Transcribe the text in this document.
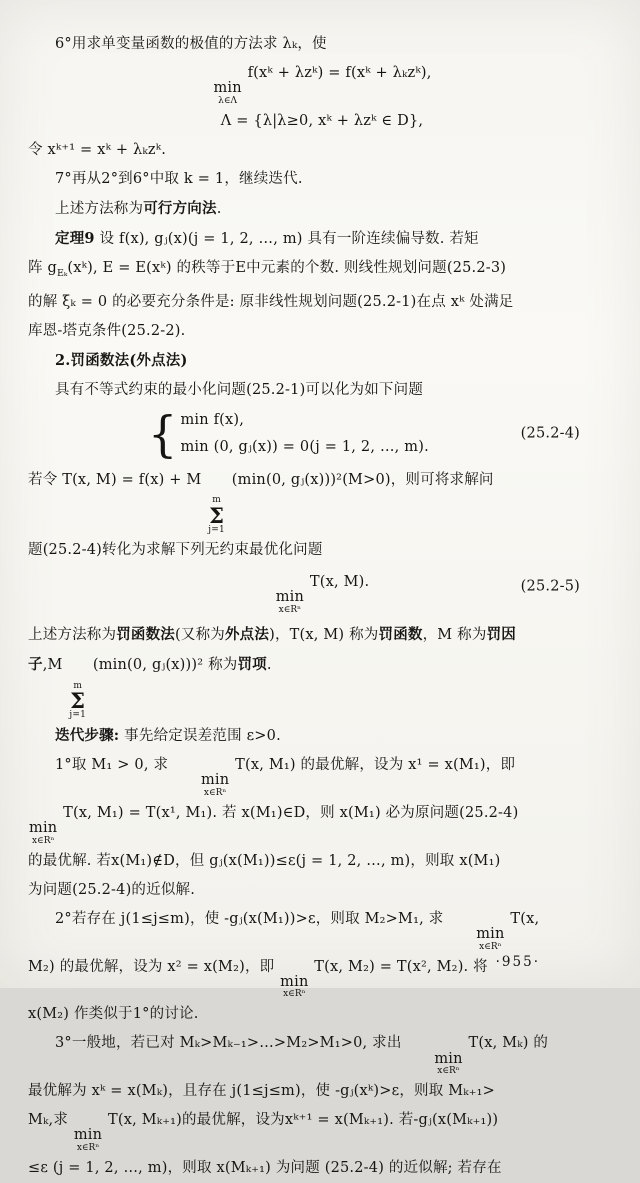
6°用求单变量函数的极值的方法求 λₖ，使
min
λ∈Λ
f(xᵏ + λzᵏ) = f(xᵏ + λₖzᵏ),
Λ = {λ|λ≥0, xᵏ + λzᵏ ∈ D},
令 xᵏ⁺¹ = xᵏ + λₖzᵏ.
7°再从2°到6°中取 k = 1，继续迭代.
上述方法称为可行方向法.
定理9 设 f(x), gⱼ(x)(j = 1, 2, …, m) 具有一阶连续偏导数. 若矩
阵 $g_{E_k}(xᵏ)$, E = E(xᵏ) 的秩等于E中元素的个数. 则线性规划问题(25.2-3)
的解 ξₖ = 0 的必要充分条件是: 原非线性规划问题(25.2-1)在点 xᵏ 处满足
库恩-塔克条件(25.2-2).
2.罚函数法(外点法)
具有不等式约束的最小化问题(25.2-1)可以化为如下问题
{ min f(x),
min (0, gⱼ(x)) = 0(j = 1, 2, …, m).
(25.2-4)
若令 T(x, M) = f(x) + M
m
Σ
j=1
(min(0, gⱼ(x)))²(M>0)，则可将求解问
题(25.2-4)转化为求解下列无约束最优化问题
min
x∈Rⁿ
T(x, M).	(25.2-5)
上述方法称为罚函数法(又称为外点法)，T(x, M) 称为罚函数，M 称为罚因
子,M
m
Σ
j=1
(min(0, gⱼ(x)))² 称为罚项.
迭代步骤: 事先给定误差范围 ε>0.
1°取 M₁ > 0, 求
min
x∈Rⁿ
T(x, M₁) 的最优解，设为 x¹ = x(M₁)，即
min
x∈Rⁿ
T(x, M₁) = T(x¹, M₁). 若 x(M₁)∈D，则 x(M₁) 必为原问题(25.2-4)
的最优解. 若x(M₁)∉D，但 gⱼ(x(M₁))≤ε(j = 1, 2, …, m)，则取 x(M₁)
为问题(25.2-4)的近似解.
2°若存在 j(1≤j≤m)，使 -gⱼ(x(M₁))>ε，则取 M₂>M₁, 求
min
x∈Rⁿ
T(x,
M₂) 的最优解，设为 x² = x(M₂)，即
min
x∈Rⁿ
T(x, M₂) = T(x², M₂). 将
x(M₂) 作类似于1°的讨论.
3°一般地，若已对 Mₖ>Mₖ₋₁>…>M₂>M₁>0, 求出
min
x∈Rⁿ
T(x, Mₖ) 的
最优解为 xᵏ = x(Mₖ)，且存在 j(1≤j≤m)，使 -gⱼ(xᵏ)>ε，则取 Mₖ₊₁>
Mₖ,求
min
x∈Rⁿ
T(x, Mₖ₊₁)的最优解，设为xᵏ⁺¹ = x(Mₖ₊₁). 若-gⱼ(x(Mₖ₊₁))
≤ε (j = 1, 2, …, m)，则取 x(Mₖ₊₁) 为问题 (25.2-4) 的近似解; 若存在
·955·
